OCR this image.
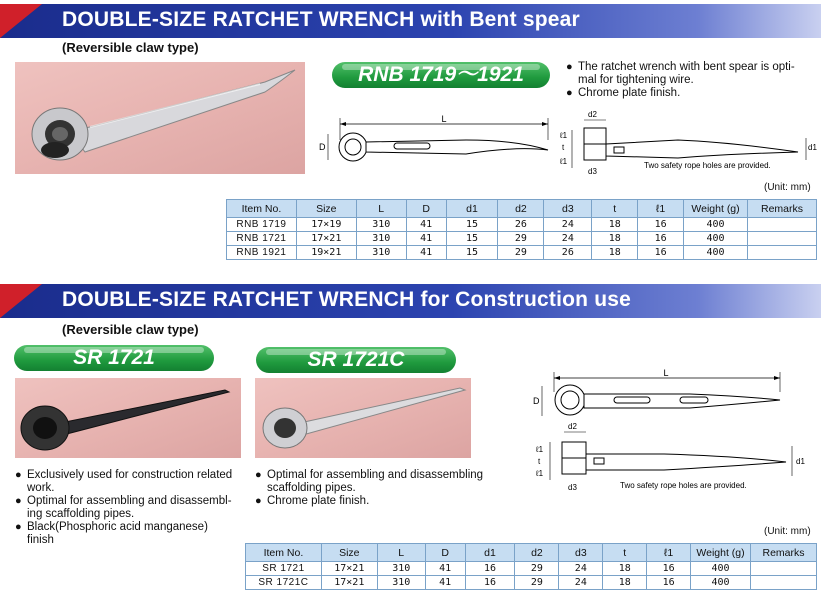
DOUBLE-SIZE RATCHET WRENCH with Bent spear
(Reversible claw type)
RNB 1719～1921	● The ratchet wrench with bent spear is opti-
mal for tightening wire.
● Chrome plate finish.
L
D
d2
ℓ1
t
ℓ1
d3
d1
Two safety rope holes are provided.
(Unit: mm)
Item No.	Size	L	D	d1	d2	d3	t	ℓ1	Weight (g)	Remarks
RNB 1719	17×19	310	41	15	26	24	18	16	400	
RNB 1721	17×21	310	41	15	29	24	18	16	400	
RNB 1921	19×21	310	41	15	29	26	18	16	400	
DOUBLE-SIZE RATCHET WRENCH for Construction use
(Reversible claw type)
SR 1721	SR 1721C
● Exclusively used for construction related
work.
● Optimal for assembling and disassembl-
ing scaffolding pipes.
● Black(Phosphoric acid manganese)
finish
● Optimal for assembling and disassembling
scaffolding pipes.
● Chrome plate finish.
L
D
d2
ℓ1
t
ℓ1
d3
d1
Two safety rope holes are provided.
(Unit: mm)
Item No.	Size	L	D	d1	d2	d3	t	ℓ1	Weight (g)	Remarks
SR 1721	17×21	310	41	16	29	24	18	16	400	
SR 1721C	17×21	310	41	16	29	24	18	16	400	
